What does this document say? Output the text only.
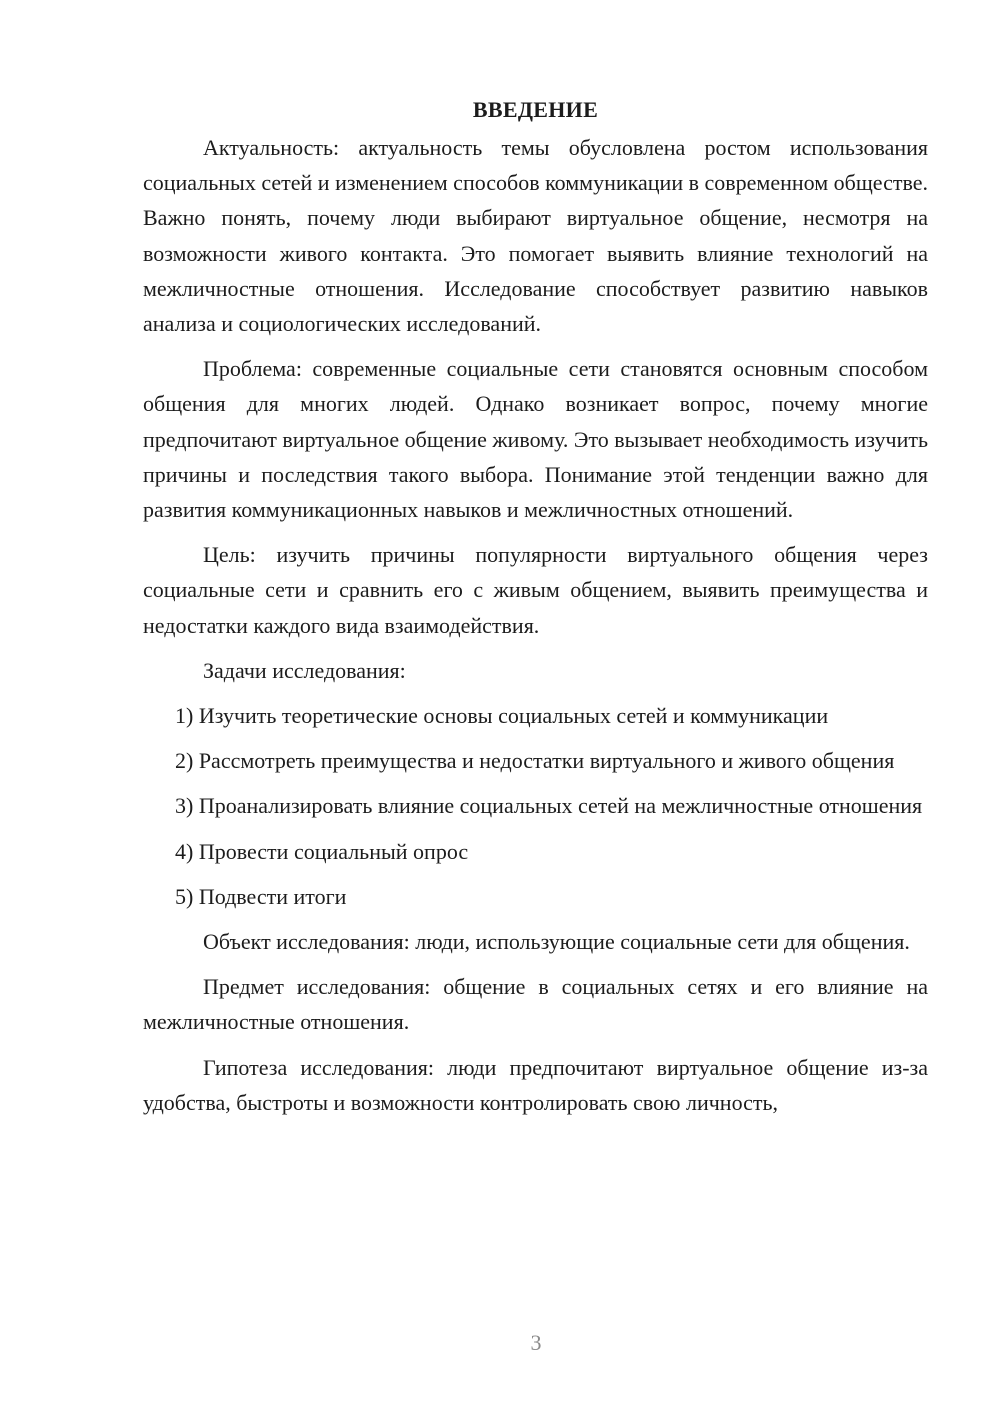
ВВЕДЕНИЕ

Актуальность: актуальность темы обусловлена ростом использования социальных сетей и изменением способов коммуникации в современном обществе. Важно понять, почему люди выбирают виртуальное общение, несмотря на возможности живого контакта. Это помогает выявить влияние технологий на межличностные отношения. Исследование способствует развитию навыков анализа и социологических исследований.

Проблема: современные социальные сети становятся основным способом общения для многих людей. Однако возникает вопрос, почему многие предпочитают виртуальное общение живому. Это вызывает необходимость изучить причины и последствия такого выбора. Понимание этой тенденции важно для развития коммуникационных навыков и межличностных отношений.

Цель: изучить причины популярности виртуального общения через социальные сети и сравнить его с живым общением, выявить преимущества и недостатки каждого вида взаимодействия.

Задачи исследования:

1) Изучить теоретические основы социальных сетей и коммуникации

2) Рассмотреть преимущества и недостатки виртуального и живого общения

3) Проанализировать влияние социальных сетей на межличностные отношения

4) Провести социальный опрос

5) Подвести итоги

Объект исследования: люди, использующие социальные сети для общения.

Предмет исследования: общение в социальных сетях и его влияние на межличностные отношения.

Гипотеза исследования: люди предпочитают виртуальное общение из-за удобства, быстроты и возможности контролировать свою личность,

3
